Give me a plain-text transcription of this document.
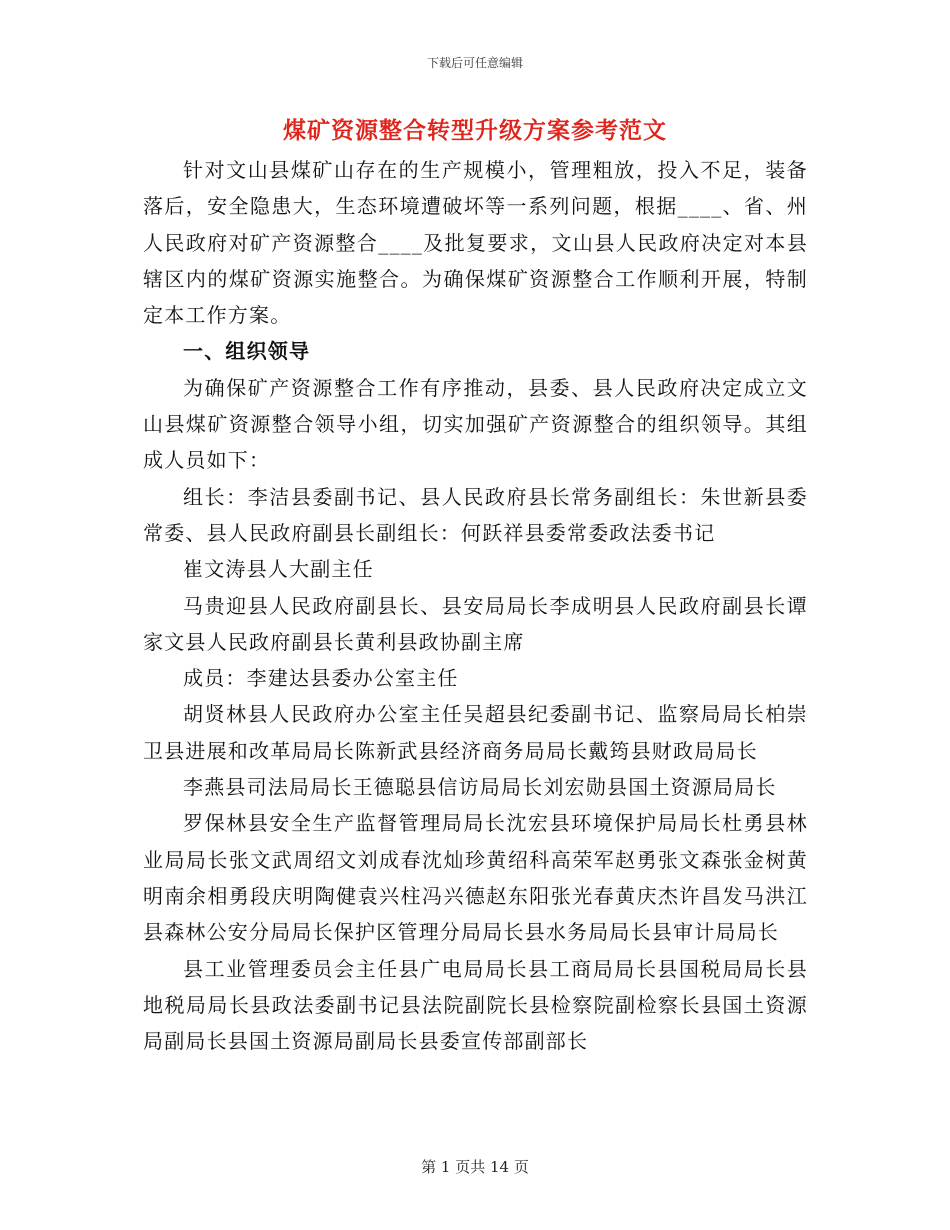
下载后可任意编辑
煤矿资源整合转型升级方案参考范文

针对文山县煤矿山存在的生产规模小，管理粗放，投入不足，装备落后，安全隐患大，生态环境遭破坏等一系列问题，根据____、省、州人民政府对矿产资源整合____及批复要求，文山县人民政府决定对本县辖区内的煤矿资源实施整合。为确保煤矿资源整合工作顺利开展，特制定本工作方案。

一、组织领导

为确保矿产资源整合工作有序推动，县委、县人民政府决定成立文山县煤矿资源整合领导小组，切实加强矿产资源整合的组织领导。其组成人员如下：

组长：李洁县委副书记、县人民政府县长常务副组长：朱世新县委常委、县人民政府副县长副组长：何跃祥县委常委政法委书记

崔文涛县人大副主任

马贵迎县人民政府副县长、县安局局长李成明县人民政府副县长谭家文县人民政府副县长黄利县政协副主席

成员：李建达县委办公室主任

胡贤林县人民政府办公室主任吴超县纪委副书记、监察局局长柏崇卫县进展和改革局局长陈新武县经济商务局局长戴筠县财政局局长

李燕县司法局局长王德聪县信访局局长刘宏勋县国土资源局局长

罗保林县安全生产监督管理局局长沈宏县环境保护局局长杜勇县林业局局长张文武周绍文刘成春沈灿珍黄绍科高荣军赵勇张文森张金树黄明南余相勇段庆明陶健袁兴柱冯兴德赵东阳张光春黄庆杰许昌发马洪江县森林公安分局局长保护区管理分局局长县水务局局长县审计局局长

县工业管理委员会主任县广电局局长县工商局局长县国税局局长县地税局局长县政法委副书记县法院副院长县检察院副检察长县国土资源局副局长县国土资源局副局长县委宣传部副部长

第 1 页共 14 页
